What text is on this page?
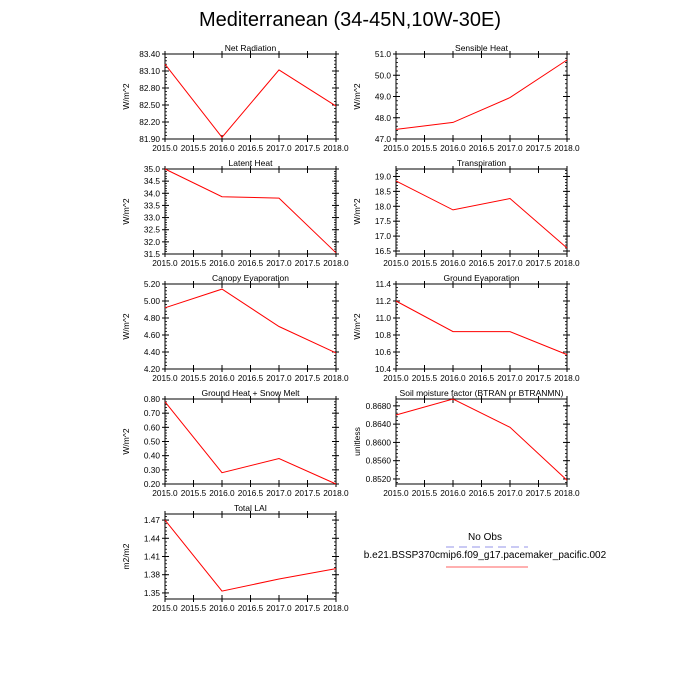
Mediterranean (34-45N,10W-30E)
Net Radiation
W/m^2
2015.0 2015.5 2016.0 2016.5 2017.0 2017.5 2018.0
81.90
82.20
82.50
82.80
83.10
83.40
Sensible Heat
W/m^2
2015.0 2015.5 2016.0 2016.5 2017.0 2017.5 2018.0
47.0
48.0
49.0
50.0
51.0
Latent Heat
W/m^2
2015.0 2015.5 2016.0 2016.5 2017.0 2017.5 2018.0
31.5
32.0
32.5
33.0
33.5
34.0
34.5
35.0
Transpiration
W/m^2
2015.0 2015.5 2016.0 2016.5 2017.0 2017.5 2018.0
16.5
17.0
17.5
18.0
18.5
19.0
Canopy Evaporation
W/m^2
2015.0 2015.5 2016.0 2016.5 2017.0 2017.5 2018.0
4.20
4.40
4.60
4.80
5.00
5.20
Ground Evaporation
W/m^2
2015.0 2015.5 2016.0 2016.5 2017.0 2017.5 2018.0
10.4
10.6
10.8
11.0
11.2
11.4
Ground Heat + Snow Melt
W/m^2
2015.0 2015.5 2016.0 2016.5 2017.0 2017.5 2018.0
0.20
0.30
0.40
0.50
0.60
0.70
0.80
Soil moisture factor (BTRAN or BTRANMN)
unitless
2015.0 2015.5 2016.0 2016.5 2017.0 2017.5 2018.0
0.8520
0.8560
0.8600
0.8640
0.8680
Total LAI
m2/m2
2015.0 2015.5 2016.0 2016.5 2017.0 2017.5 2018.0
1.35
1.38
1.41
1.44
1.47
No Obs
b.e21.BSSP370cmip6.f09_g17.pacemaker_pacific.002
